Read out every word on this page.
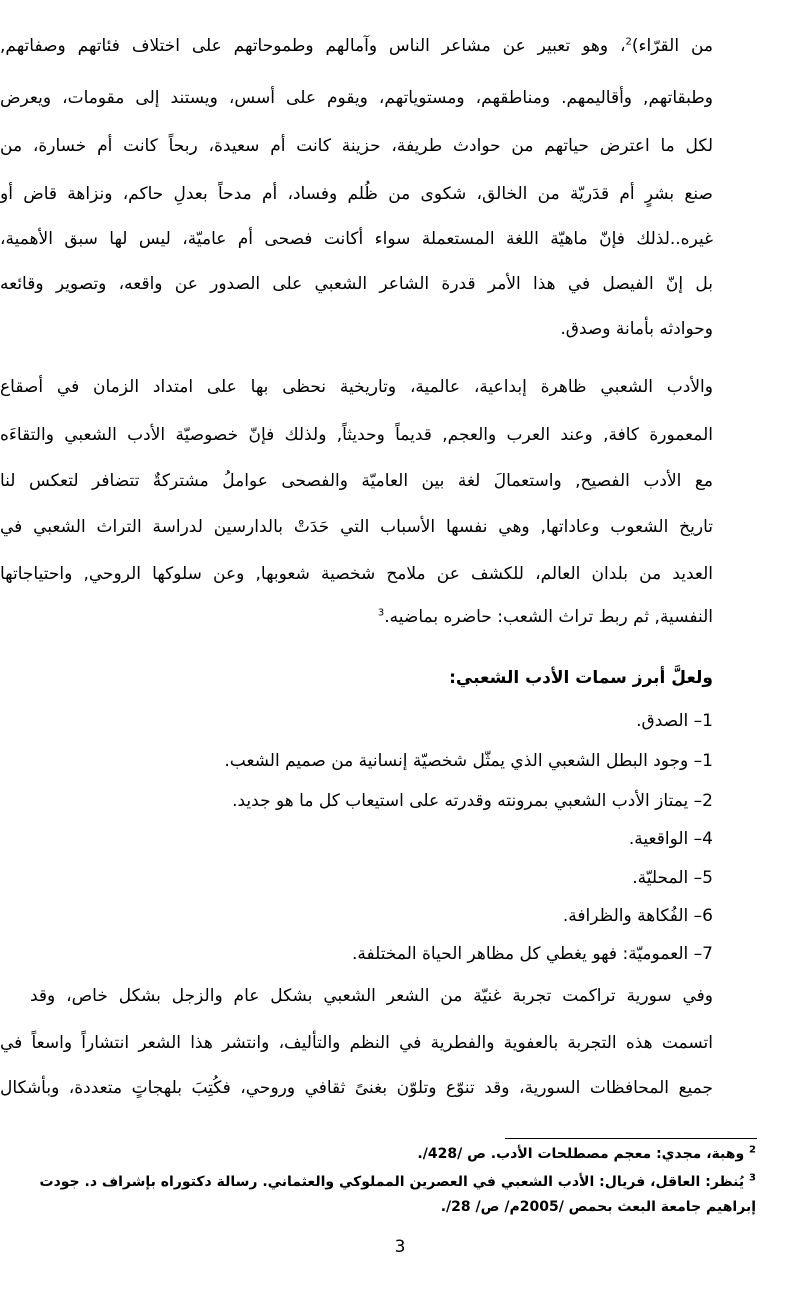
من القرّاء)$^2$، وهو تعبير عن مشاعر الناس وآمالهم وطموحاتهم على اختلاف فئاتهم وصفاتهم,
وطبقاتهم, وأقاليمهم. ومناطقهم، ومستوياتهم، ويقوم على أسس، ويستند إلى مقومات، ويعرض
لكل ما اعترض حياتهم من حوادث طريفة، حزينة كانت أم سعيدة، ربحاً كانت أم خسارة، من
صنع بشرٍ أم قدَريّة من الخالق، شكوى من ظُلم وفساد، أم مدحاً بعدلِ حاكم، ونزاهة قاض أو
غيره..لذلك فإنّ ماهيّة اللغة المستعملة سواء أكانت فصحى أم عاميّة، ليس لها سبق الأهمية،
بل إنّ الفيصل في هذا الأمر قدرة الشاعر الشعبي على الصدور عن واقعه، وتصوير وقائعه
وحوادثه بأمانة وصدق.
والأدب الشعبي ظاهرة إبداعية، عالمية، وتاريخية نحظى بها على امتداد الزمان في أصقاع
المعمورة كافة, وعند العرب والعجم, قديماً وحديثاً, ولذلك فإنّ خصوصيّة الأدب الشعبي والتقاءَه
مع الأدب الفصيح, واستعمالَ لغة بين العاميّة والفصحى عواملُ مشتركةٌ تتضافر لتعكس لنا
تاريخ الشعوب وعاداتها, وهي نفسها الأسباب التي حَدَتْ بالدارسين لدراسة التراث الشعبي في
العديد من بلدان العالم، للكشف عن ملامح شخصية شعوبها, وعن سلوكها الروحي, واحتياجاتها
النفسية, ثم ربط تراث الشعب: حاضره بماضيه.$^3$
ولعلَّ أبرز سمات الأدب الشعبي:
1– الصدق.
1– وجود البطل الشعبي الذي يمثّل شخصيّة إنسانية من صميم الشعب.
2– يمتاز الأدب الشعبي بمرونته وقدرته على استيعاب كل ما هو جديد.
4– الواقعية.
5– المحليّة.
6– الفُكاهة والظرافة.
7– العموميّة: فهو يغطي كل مظاهر الحياة المختلفة.
وفي سورية تراكمت تجربة غنيّة من الشعر الشعبي بشكل عام والزجل بشكل خاص، وقد
اتسمت هذه التجربة بالعفوية والفطرية في النظم والتأليف، وانتشر هذا الشعر انتشاراً واسعاً في
جميع المحافظات السورية، وقد تنوّع وتلوّن بغنىً ثقافي وروحي، فكُتِبَ بلهجاتٍ متعددة، وبأشكال
$^2$ وهبة، مجدي: معجم مصطلحات الأدب. ص /428/.
$^3$ يُنظر: العاقل، فريال: الأدب الشعبي في العصرين المملوكي والعثماني. رسالة دكتوراه بإشراف د. جودت
إبراهيم جامعة البعث بحمص /2005م/ ص/ 28/.
3
